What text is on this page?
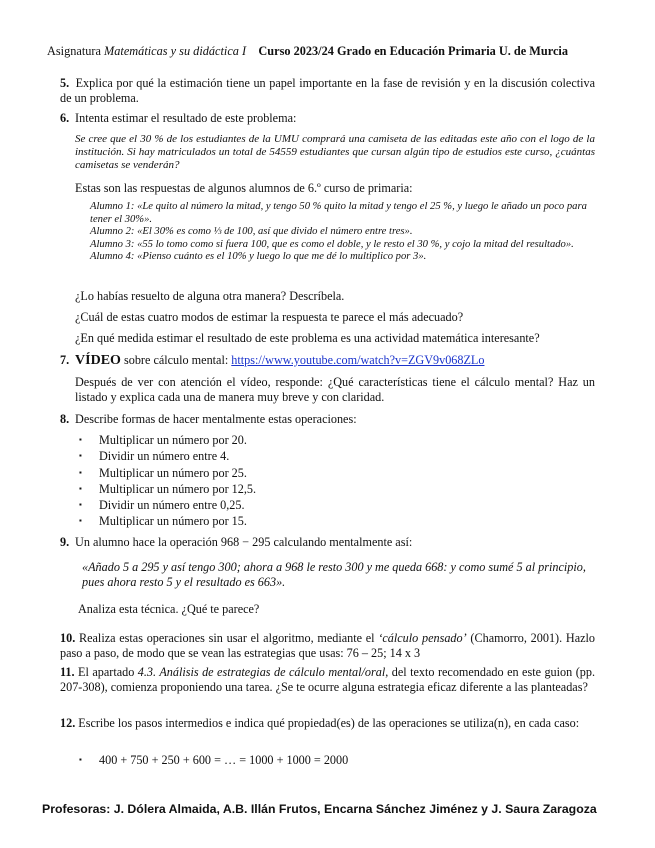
Asignatura Matemáticas y su didáctica I Curso 2023/24 Grado en Educación Primaria U. de Murcia
5. Explica por qué la estimación tiene un papel importante en la fase de revisión y en la discusión colectiva de un problema.
6. Intenta estimar el resultado de este problema:
Se cree que el 30 % de los estudiantes de la UMU comprará una camiseta de las editadas este año con el logo de la institución. Si hay matriculados un total de 54559 estudiantes que cursan algún tipo de estudios este curso, ¿cuántas camisetas se venderán?
Estas son las respuestas de algunos alumnos de 6.º curso de primaria:
Alumno 1: «Le quito al número la mitad, y tengo 50 % quito la mitad y tengo el 25 %, y luego le añado un poco para tener el 30%».
Alumno 2: «El 30% es como ⅓ de 100, así que divido el número entre tres».
Alumno 3: «55 lo tomo como si fuera 100, que es como el doble, y le resto el 30 %, y cojo la mitad del resultado».
Alumno 4: «Pienso cuánto es el 10% y luego lo que me dé lo multiplico por 3».
¿Lo habías resuelto de alguna otra manera? Descríbela.
¿Cuál de estas cuatro modos de estimar la respuesta te parece el más adecuado?
¿En qué medida estimar el resultado de este problema es una actividad matemática interesante?
7. VÍDEO sobre cálculo mental: https://www.youtube.com/watch?v=ZGV9v068ZLo
Después de ver con atención el vídeo, responde: ¿Qué características tiene el cálculo mental? Haz un listado y explica cada una de manera muy breve y con claridad.
8. Describe formas de hacer mentalmente estas operaciones:
▪ Multiplicar un número por 20.
▪ Dividir un número entre 4.
▪ Multiplicar un número por 25.
▪ Multiplicar un número por 12,5.
▪ Dividir un número entre 0,25.
▪ Multiplicar un número por 15.
9. Un alumno hace la operación 968 − 295 calculando mentalmente así:
«Añado 5 a 295 y así tengo 300; ahora a 968 le resto 300 y me queda 668: y como sumé 5 al principio, pues ahora resto 5 y el resultado es 663».
Analiza esta técnica. ¿Qué te parece?
10. Realiza estas operaciones sin usar el algoritmo, mediante el ‘cálculo pensado’ (Chamorro, 2001). Hazlo paso a paso, de modo que se vean las estrategias que usas: 76 – 25; 14 x 3
11. El apartado 4.3. Análisis de estrategias de cálculo mental/oral, del texto recomendado en este guion (pp. 207-308), comienza proponiendo una tarea. ¿Se te ocurre alguna estrategia eficaz diferente a las planteadas?
12. Escribe los pasos intermedios e indica qué propiedad(es) de las operaciones se utiliza(n), en cada caso:
▪ 400 + 750 + 250 + 600 = … = 1000 + 1000 = 2000
Profesoras: J. Dólera Almaida, A.B. Illán Frutos, Encarna Sánchez Jiménez y J. Saura Zaragoza
